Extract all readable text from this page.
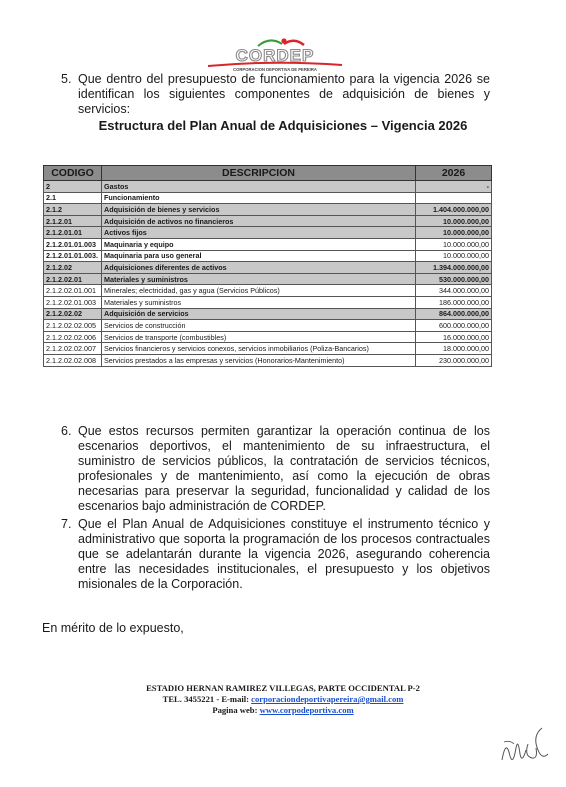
CORDEP
CORPORACION DEPORTIVA DE PEREIRA
5. Que dentro del presupuesto de funcionamiento para la vigencia 2026 se identifican los siguientes componentes de adquisición de bienes y servicios:
Estructura del Plan Anual de Adquisiciones – Vigencia 2026
CODIGO	DESCRIPCION	2026
2	Gastos	-
2.1	Funcionamiento	
2.1.2	Adquisición de bienes y servicios	1.404.000.000,00
2.1.2.01	Adquisición de activos no financieros	10.000.000,00
2.1.2.01.01	Activos fijos	10.000.000,00
2.1.2.01.01.003	Maquinaria y equipo	10.000.000,00
2.1.2.01.01.003.	Maquinaria para uso general	10.000.000,00
2.1.2.02	Adquisiciones diferentes de activos	1.394.000.000,00
2.1.2.02.01	Materiales y suministros	530.000.000,00
2.1.2.02.01.001	Minerales; electricidad, gas y agua (Servicios Públicos)	344.000.000,00
2.1.2.02.01.003	Materiales y suministros	186.000.000,00
2.1.2.02.02	Adquisición de servicios	864.000.000,00
2.1.2.02.02.005	Servicios de construcción	600.000.000,00
2.1.2.02.02.006	Servicios de transporte (combustibles)	16.000.000,00
2.1.2.02.02.007	Servicios financieros y servicios conexos, servicios inmobiliarios (Poliza-Bancarios)	18.000.000,00
2.1.2.02.02.008	Servicios prestados a las empresas y servicios (Honorarios-Mantenimiento)	230.000.000,00
6. Que estos recursos permiten garantizar la operación continua de los escenarios deportivos, el mantenimiento de su infraestructura, el suministro de servicios públicos, la contratación de servicios técnicos, profesionales y de mantenimiento, así como la ejecución de obras necesarias para preservar la seguridad, funcionalidad y calidad de los escenarios bajo administración de CORDEP.
7. Que el Plan Anual de Adquisiciones constituye el instrumento técnico y administrativo que soporta la programación de los procesos contractuales que se adelantarán durante la vigencia 2026, asegurando coherencia entre las necesidades institucionales, el presupuesto y los objetivos misionales de la Corporación.
En mérito de lo expuesto,
ESTADIO HERNAN RAMIREZ VILLEGAS, PARTE OCCIDENTAL P-2
TEL. 3455221 - E-mail: corporaciondeportivapereira@gmail.com
Pagina web: www.corpodeportiva.com
